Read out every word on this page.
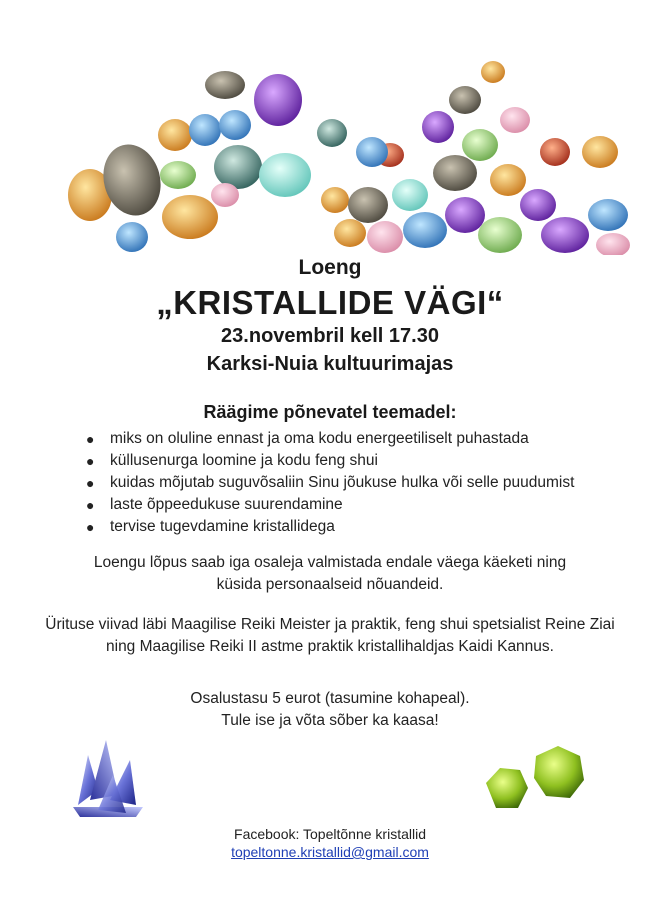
Loeng
„KRISTALLIDE VÄGI“
23.novembril kell 17.30
Karksi-Nuia kultuurimajas
Räägime põnevatel teemadel:
● miks on oluline ennast ja oma kodu energeetiliselt puhastada
● küllusenurga loomine ja kodu feng shui
● kuidas mõjutab suguvõsaliin Sinu jõukuse hulka või selle puudumist
● laste õppeedukuse suurendamine
● tervise tugevdamine kristallidega
Loengu lõpus saab iga osaleja valmistada endale väega käeketi ning
küsida personaalseid nõuandeid.
Ürituse viivad läbi Maagilise Reiki Meister ja praktik, feng shui spetsialist Reine Ziai
ning Maagilise Reiki II astme praktik kristallihaldjas Kaidi Kannus.
Osalustasu 5 eurot (tasumine kohapeal).
Tule ise ja võta sõber ka kaasa!
Facebook: Topeltõnne kristallid
topeltonne.kristallid@gmail.com
